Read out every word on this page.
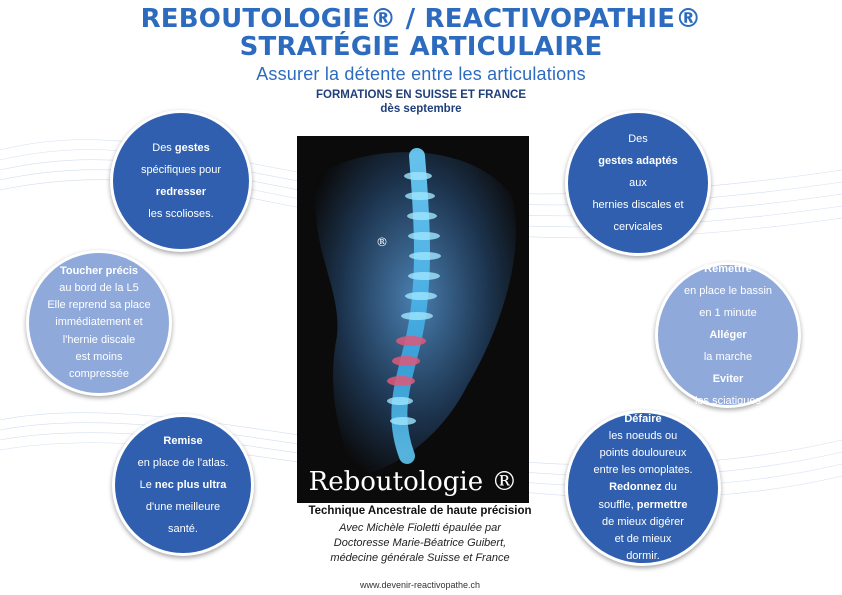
REBOUTOLOGIE® / REACTIVOPATHIE®
STRATÉGIE ARTICULAIRE
Assurer la détente entre les articulations
FORMATIONS EN SUISSE ET FRANCE
dès septembre
Des gestes
spécifiques pour
redresser
les scolioses.
Toucher précis
au bord de la L5
Elle reprend sa place
immédiatement et
l'hernie discale
est moins
compressée
Remise
en place de l'atlas.
Le nec plus ultra
d'une meilleure
santé.
Des
gestes adaptés
aux
hernies discales et
cervicales
Remettre
en place le bassin
en 1 minute
Alléger
la marche
Eviter
les sciatiques
Défaire
les noeuds ou
points douloureux
entre les omoplates.
Redonnez du
souffle, permettre
de mieux digérer
et de mieux
dormir.
®
Reboutologie ®
Technique Ancestrale de haute précision
Avec Michèle Fioletti épaulée par
Doctoresse Marie-Béatrice Guibert,
médecine générale Suisse et France
www.devenir-reactivopathe.ch
